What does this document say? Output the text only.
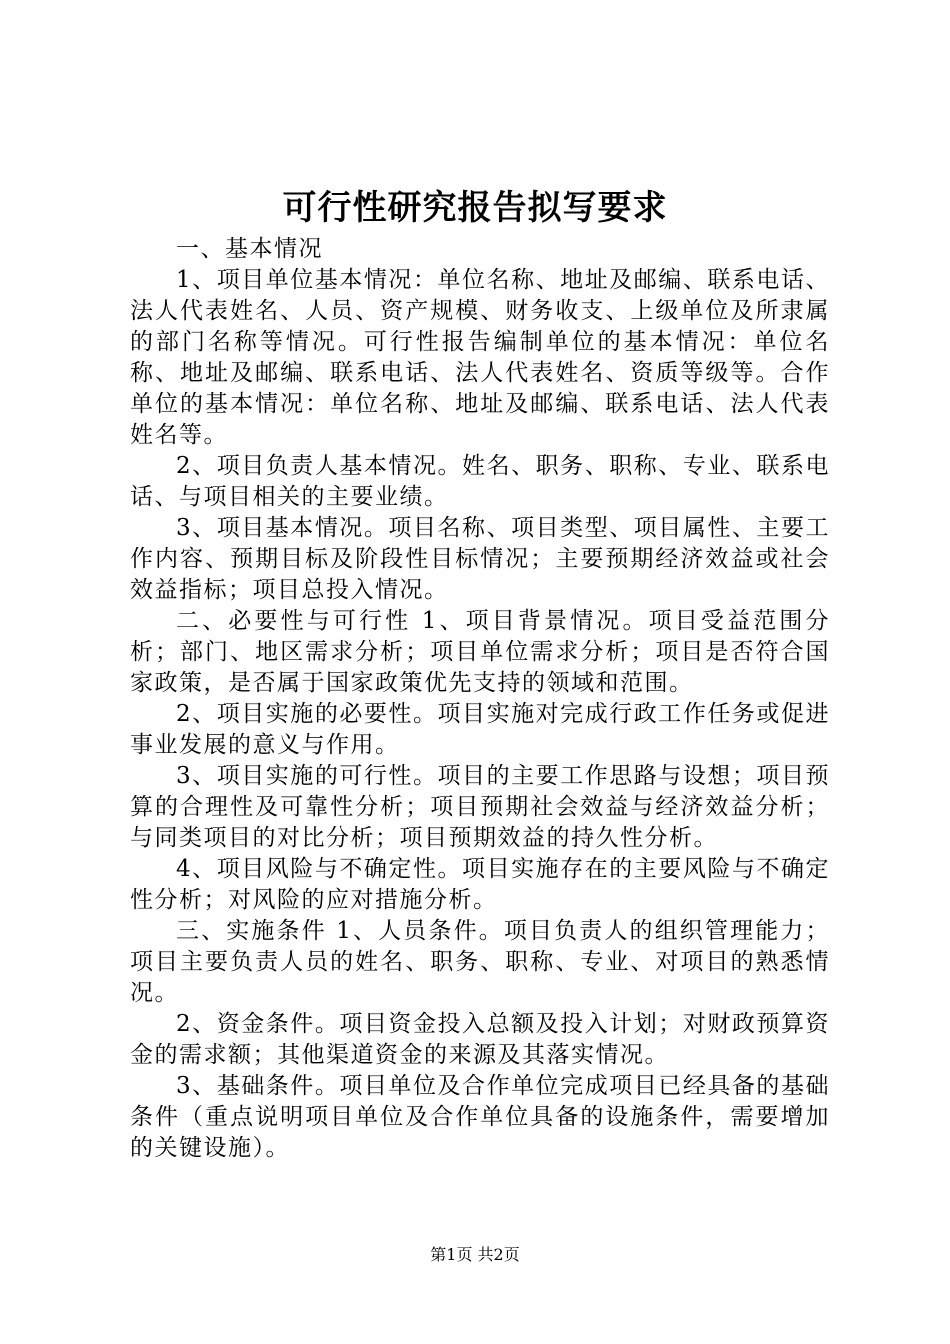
可行性研究报告拟写要求

一、基本情况

1、项目单位基本情况：单位名称、地址及邮编、联系电话、法人代表姓名、人员、资产规模、财务收支、上级单位及所隶属的部门名称等情况。可行性报告编制单位的基本情况：单位名称、地址及邮编、联系电话、法人代表姓名、资质等级等。合作单位的基本情况：单位名称、地址及邮编、联系电话、法人代表姓名等。

2、项目负责人基本情况。姓名、职务、职称、专业、联系电话、与项目相关的主要业绩。

3、项目基本情况。项目名称、项目类型、项目属性、主要工作内容、预期目标及阶段性目标情况；主要预期经济效益或社会效益指标；项目总投入情况。

二、必要性与可行性 1、项目背景情况。项目受益范围分析；部门、地区需求分析；项目单位需求分析；项目是否符合国家政策，是否属于国家政策优先支持的领域和范围。

2、项目实施的必要性。项目实施对完成行政工作任务或促进事业发展的意义与作用。

3、项目实施的可行性。项目的主要工作思路与设想；项目预算的合理性及可靠性分析；项目预期社会效益与经济效益分析；与同类项目的对比分析；项目预期效益的持久性分析。

4、项目风险与不确定性。项目实施存在的主要风险与不确定性分析；对风险的应对措施分析。

三、实施条件 1、人员条件。项目负责人的组织管理能力；项目主要负责人员的姓名、职务、职称、专业、对项目的熟悉情况。

2、资金条件。项目资金投入总额及投入计划；对财政预算资金的需求额；其他渠道资金的来源及其落实情况。

3、基础条件。项目单位及合作单位完成项目已经具备的基础条件（重点说明项目单位及合作单位具备的设施条件，需要增加的关键设施）。

第1页 共2页
